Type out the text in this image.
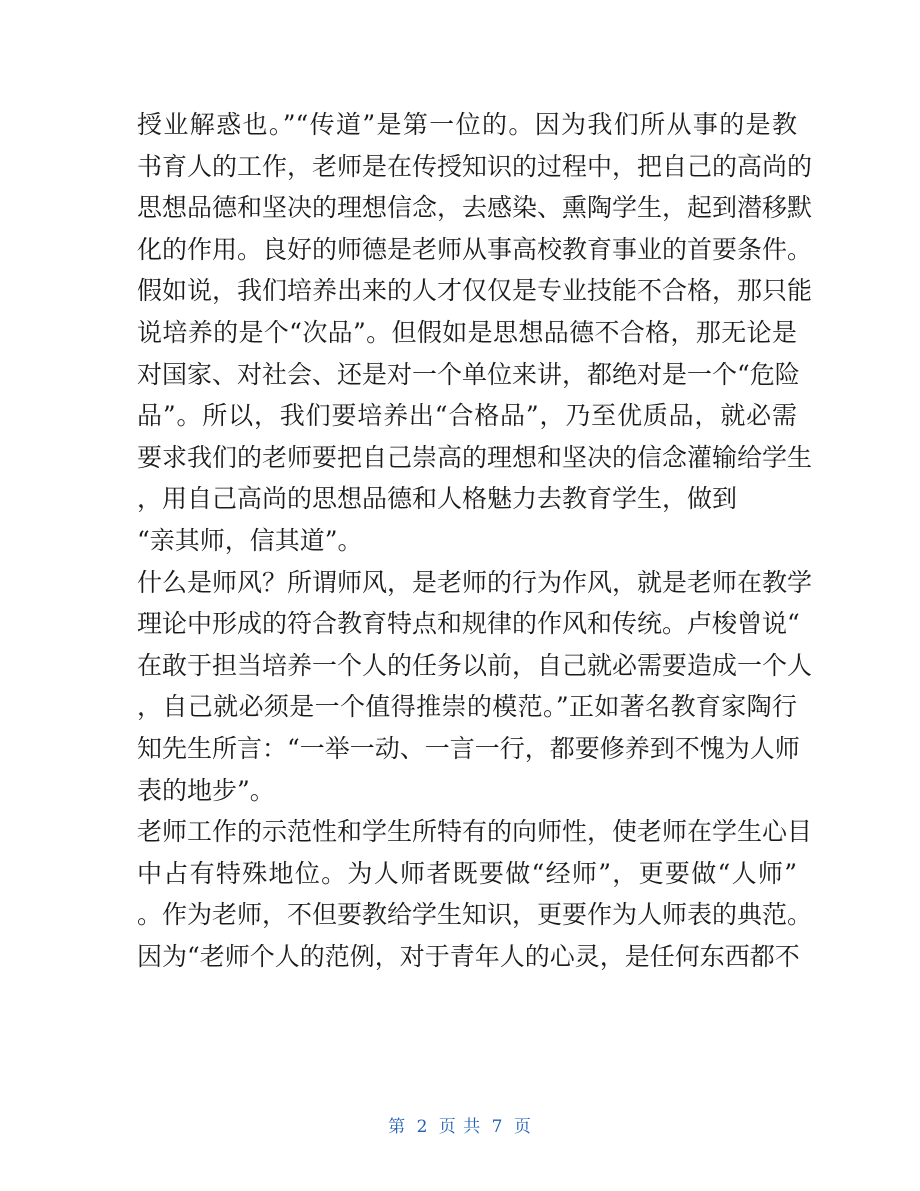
授业解惑也。”“传道”是第一位的。因为我们所从事的是教
书育人的工作，老师是在传授知识的过程中，把自己的高尚的
思想品德和坚决的理想信念，去感染、熏陶学生，起到潜移默
化的作用。良好的师德是老师从事高校教育事业的首要条件。
假如说，我们培养出来的人才仅仅是专业技能不合格，那只能
说培养的是个“次品”。但假如是思想品德不合格，那无论是
对国家、对社会、还是对一个单位来讲，都绝对是一个“危险
品”。所以，我们要培养出“合格品”，乃至优质品，就必需
要求我们的老师要把自己崇高的理想和坚决的信念灌输给学生
，用自己高尚的思想品德和人格魅力去教育学生，做到
“亲其师，信其道”。
什么是师风？所谓师风，是老师的行为作风，就是老师在教学
理论中形成的符合教育特点和规律的作风和传统。卢梭曾说“
在敢于担当培养一个人的任务以前，自己就必需要造成一个人
，自己就必须是一个值得推崇的模范。”正如著名教育家陶行
知先生所言：“一举一动、一言一行，都要修养到不愧为人师
表的地步”。
老师工作的示范性和学生所特有的向师性，使老师在学生心目
中占有特殊地位。为人师者既要做“经师”，更要做“人师”
。作为老师，不但要教给学生知识，更要作为人师表的典范。
因为“老师个人的范例，对于青年人的心灵，是任何东西都不
第 2 页 共 7 页
